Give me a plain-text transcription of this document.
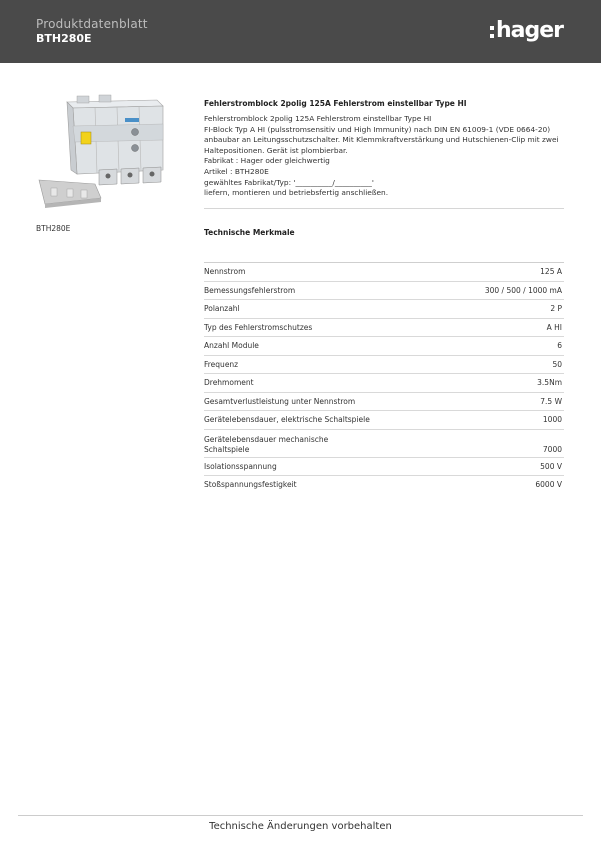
Produktdatenblatt
BTH280E	hager
BTH280E
Fehlerstromblock 2polig 125A Fehlerstrom einstellbar Type HI
Fehlerstromblock 2polig 125A Fehlerstrom einstellbar Type HI
FI-Block Typ A HI (pulsstromsensitiv und High Immunity) nach DIN EN 61009-1 (VDE 0664-20)
anbaubar an Leitungsschutzschalter. Mit Klemmkraftverstärkung und Hutschienen-Clip mit zwei
Haltepositionen. Gerät ist plombierbar.
Fabrikat : Hager oder gleichwertig
Artikel : BTH280E
gewähltes Fabrikat/Typ: '__________/__________'
liefern, montieren und betriebsfertig anschließen.
Technische Merkmale
Nennstrom	125 A
Bemessungsfehlerstrom	300 / 500 / 1000 mA
Polanzahl	2 P
Typ des Fehlerstromschutzes	A HI
Anzahl Module	6
Frequenz	50
Drehmoment	3.5Nm
Gesamtverlustleistung unter Nennstrom	7.5 W
Gerätelebensdauer, elektrische Schaltspiele	1000
Gerätelebensdauer mechanische
Schaltspiele	7000
Isolationsspannung	500 V
Stoßspannungsfestigkeit	6000 V
Technische Änderungen vorbehalten
